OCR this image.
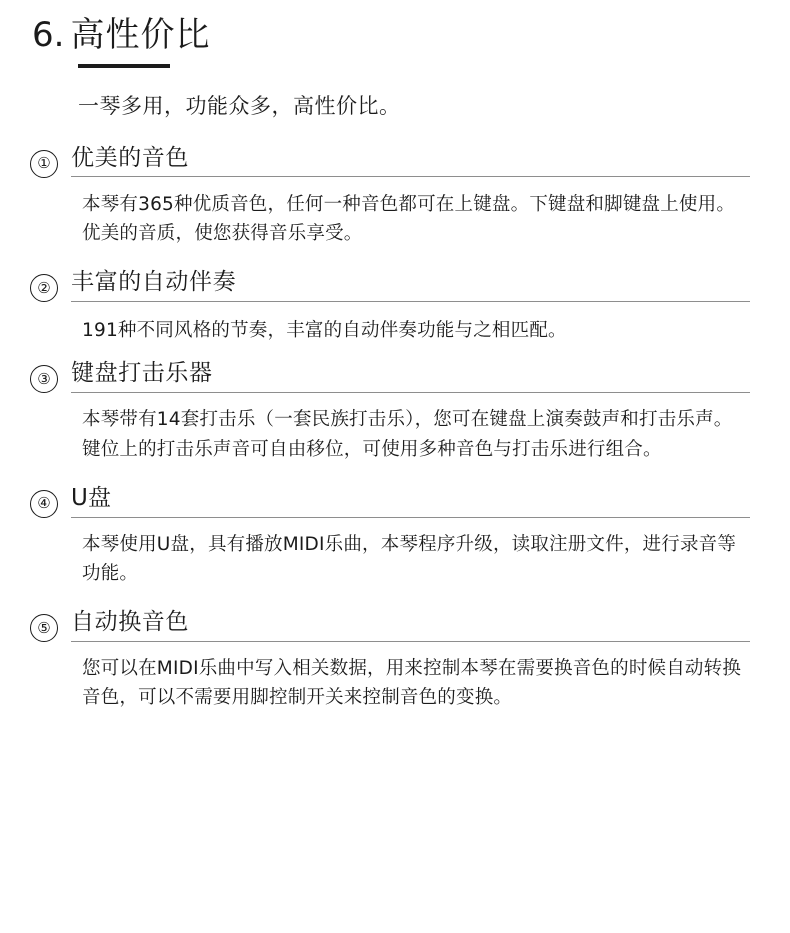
6. 高性价比
一琴多用，功能众多，高性价比。
① 优美的音色
本琴有365种优质音色，任何一种音色都可在上键盘。下键盘和脚键盘上使用。优美的音质，使您获得音乐享受。
② 丰富的自动伴奏
191种不同风格的节奏，丰富的自动伴奏功能与之相匹配。
③ 键盘打击乐器
本琴带有14套打击乐（一套民族打击乐），您可在键盘上演奏鼓声和打击乐声。键位上的打击乐声音可自由移位，可使用多种音色与打击乐进行组合。
④ U盘
本琴使用U盘，具有播放MIDI乐曲，本琴程序升级，读取注册文件，进行录音等功能。
⑤ 自动换音色
您可以在MIDI乐曲中写入相关数据，用来控制本琴在需要换音色的时候自动转换音色，可以不需要用脚控制开关来控制音色的变换。
